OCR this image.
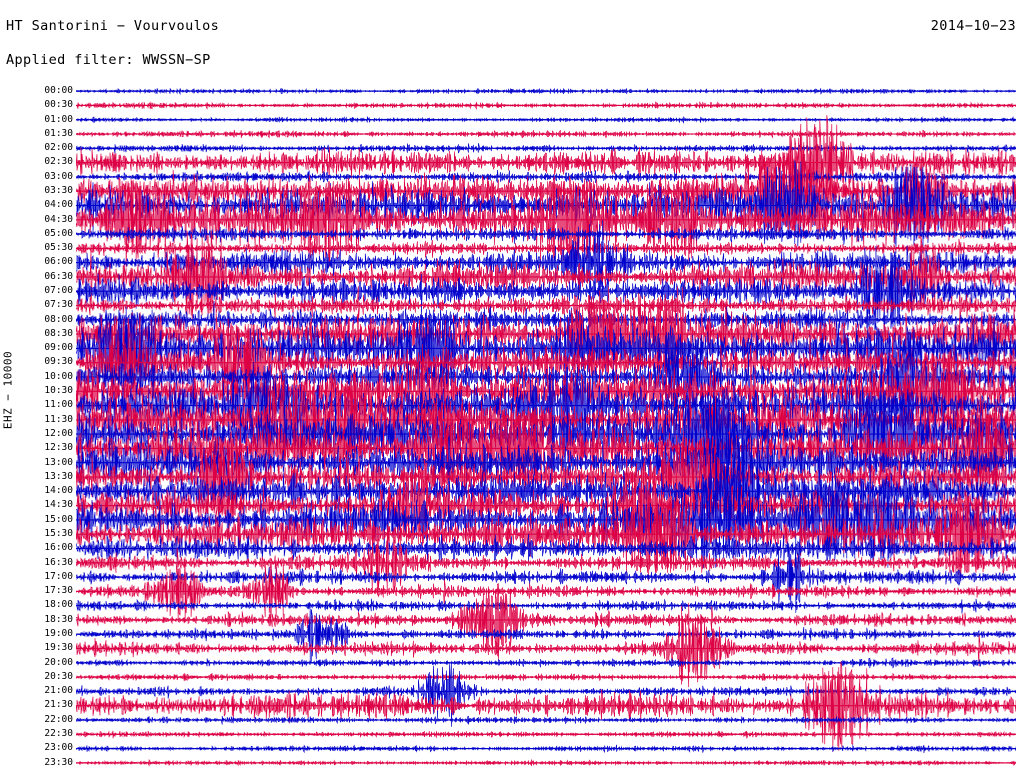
HT Santorini − Vourvoulos	2014−10−23
Applied filter: WWSSN−SP
EHZ − 10000
00:00
00:30
01:00
01:30
02:00
02:30
03:00
03:30
04:00
04:30
05:00
05:30
06:00
06:30
07:00
07:30
08:00
08:30
09:00
09:30
10:00
10:30
11:00
11:30
12:00
12:30
13:00
13:30
14:00
14:30
15:00
15:30
16:00
16:30
17:00
17:30
18:00
18:30
19:00
19:30
20:00
20:30
21:00
21:30
22:00
22:30
23:00
23:30
